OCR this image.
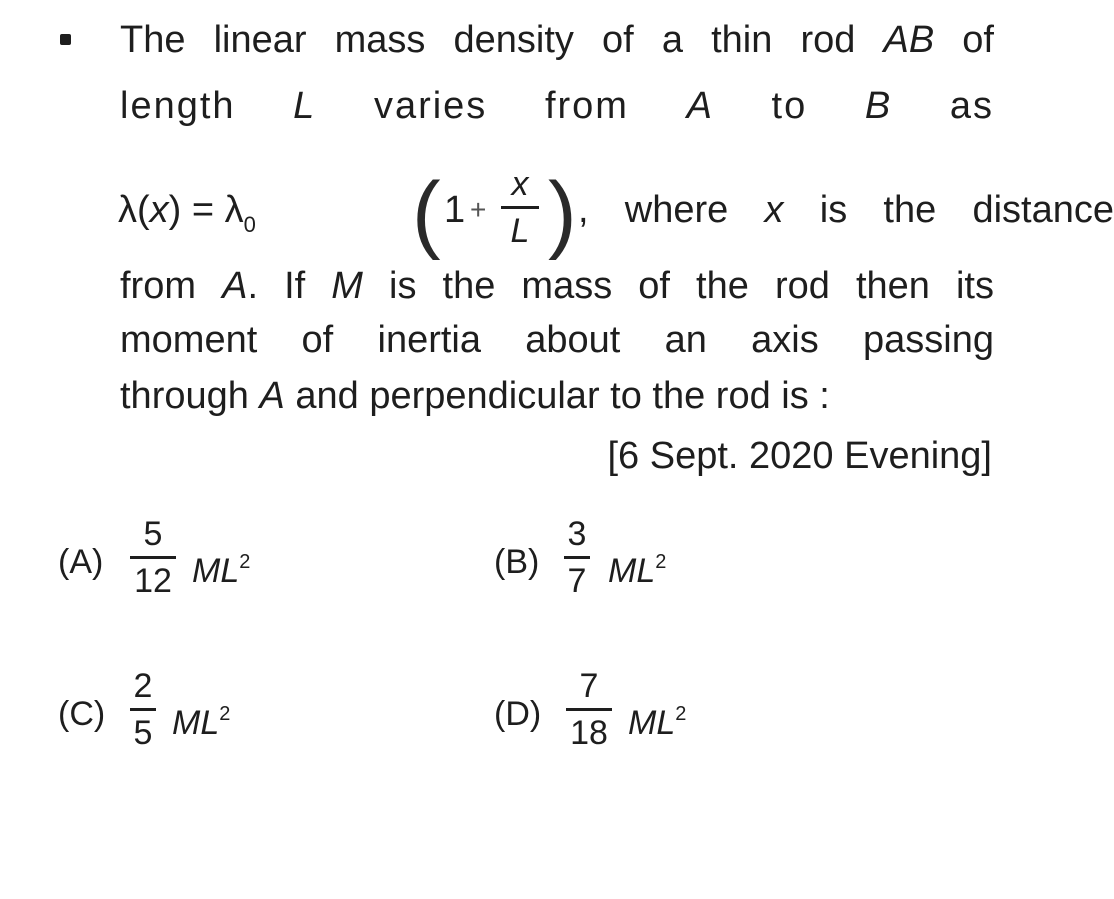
The linear mass density of a thin rod AB of
length L varies from A to B as
$\lambda(x) = \lambda_0$ ( 1 +
x
L ) , where x is the distance
from A. If M is the mass of the rod then its
moment of inertia about an axis passing
through A and perpendicular to the rod is :
[6 Sept. 2020 Evening]
(A)
5
12 $ML^2$	(B)
3
7 $ML^2$
(C)
2
5 $ML^2$	(D)
7
18 $ML^2$
